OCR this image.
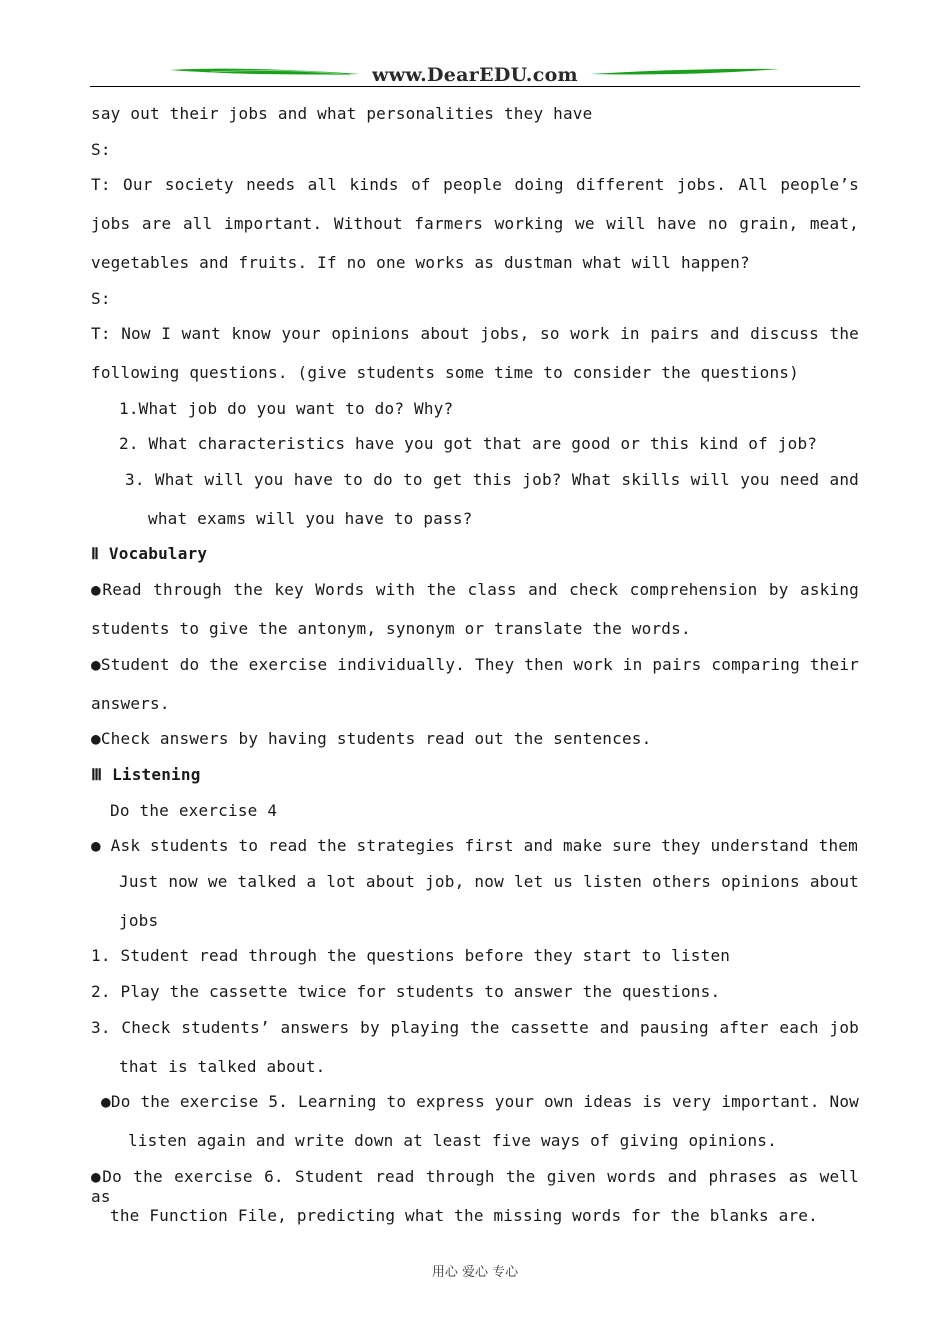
www.DearEDU.com
say out their jobs and what personalities they have
S:
T: Our society needs all kinds of people doing different jobs. All people’s
jobs are all important. Without farmers working we will have no grain, meat,
vegetables and fruits. If no one works as dustman what will happen?
S:
T: Now I want know your opinions about jobs, so work in pairs and discuss the
following questions. (give students some time to consider the questions)
1.What job do you want to do? Why?
2. What characteristics have you got that are good or this kind of job?
3. What will you have to do to get this job? What skills will you need and
what exams will you have to pass?
Ⅱ Vocabulary
●Read through the key Words with the class and check comprehension by asking
students to give the antonym, synonym or translate the words.
●Student do the exercise individually. They then work in pairs comparing their
answers.
●Check answers by having students read out the sentences.
Ⅲ Listening
Do the exercise 4
● Ask students to read the strategies first and make sure they understand them
Just now we talked a lot about job, now let us listen others opinions about
jobs
1. Student read through the questions before they start to listen
2. Play the cassette twice for students to answer the questions.
3. Check students’ answers by playing the cassette and pausing after each job
that is talked about.
●Do the exercise 5. Learning to express your own ideas is very important. Now
listen again and write down at least five ways of giving opinions.
●Do the exercise 6. Student read through the given words and phrases as well as
the Function File, predicting what the missing words for the blanks are.
用心 爱心 专心
